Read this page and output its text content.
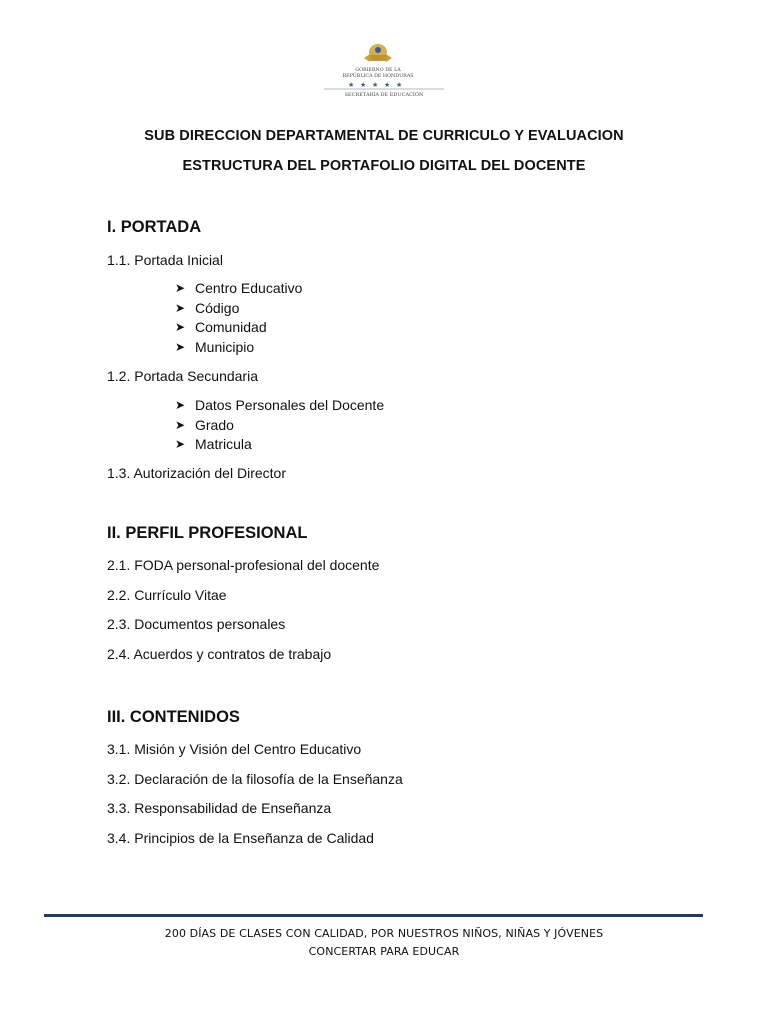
GOBIERNO DE LA
REPÚBLICA DE HONDURAS
★ ★ ★ ★
★
SECRETARÍA DE EDUCACIÓN
SUB DIRECCION DEPARTAMENTAL DE CURRICULO Y EVALUACION
ESTRUCTURA DEL PORTAFOLIO DIGITAL DEL DOCENTE
I. PORTADA
1.1. Portada Inicial
➤ Centro Educativo
➤ Código
➤ Comunidad
➤ Municipio
1.2. Portada Secundaria
➤ Datos Personales del Docente
➤ Grado
➤ Matricula
1.3. Autorización del Director
II. PERFIL PROFESIONAL
2.1. FODA personal-profesional del docente
2.2. Currículo Vitae
2.3. Documentos personales
2.4. Acuerdos y contratos de trabajo
III. CONTENIDOS
3.1. Misión y Visión del Centro Educativo
3.2. Declaración de la filosofía de la Enseñanza
3.3. Responsabilidad de Enseñanza
3.4. Principios de la Enseñanza de Calidad
200 DÍAS DE CLASES CON CALIDAD, POR NUESTROS NIÑOS, NIÑAS Y JÓVENES
CONCERTAR PARA EDUCAR
